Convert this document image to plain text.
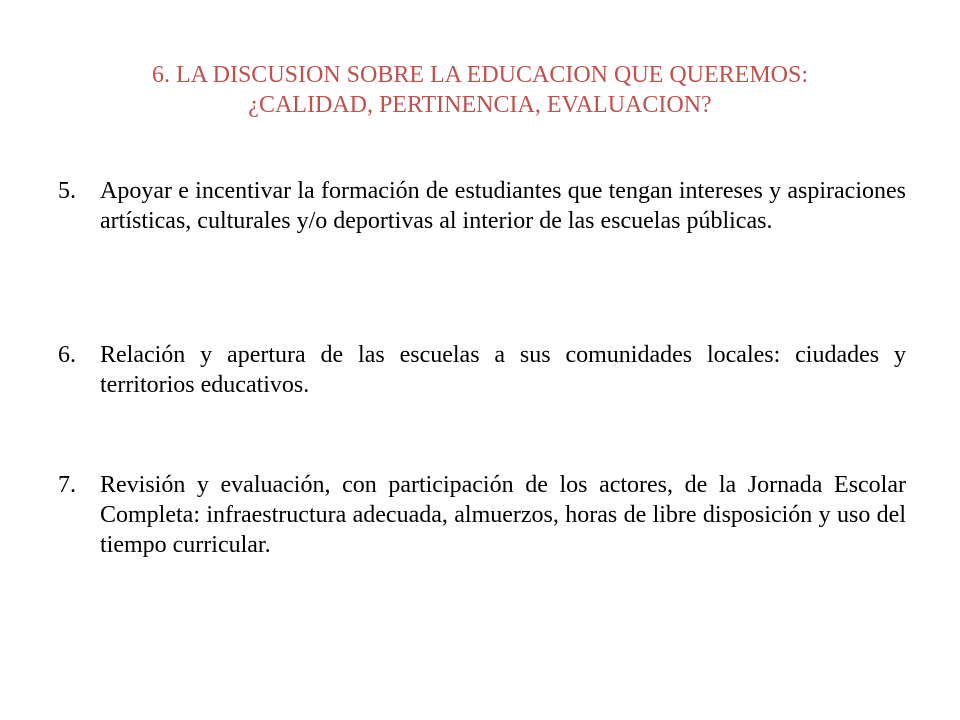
6. LA DISCUSION SOBRE LA EDUCACION QUE QUEREMOS:
¿CALIDAD, PERTINENCIA, EVALUACION?
5.	Apoyar e incentivar la formación de estudiantes que tengan intereses y aspiraciones artísticas, culturales y/o deportivas al interior de las escuelas públicas.
6.	Relación y apertura de las escuelas a sus comunidades locales: ciudades y territorios educativos.
7.	Revisión y evaluación, con participación de los actores, de la Jornada Escolar Completa: infraestructura adecuada, almuerzos, horas de libre disposición y uso del tiempo curricular.
